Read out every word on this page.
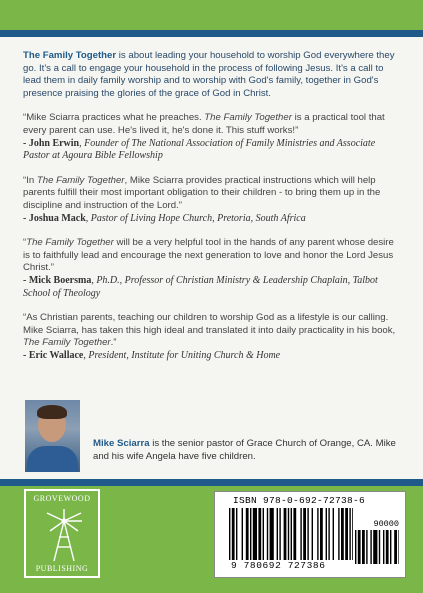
The Family Together is about leading your household to worship God everywhere they go. It's a call to engage your household in the process of following Jesus. It's a call to lead them in daily family worship and to worship with God's family, together in God's presence praising the glories of the grace of God in Christ.

“Mike Sciarra practices what he preaches. The Family Together is a practical tool that every parent can use. He's lived it, he's done it. This stuff works!”
- John Erwin, Founder of The National Association of Family Ministries and Associate Pastor at Agoura Bible Fellowship

“In The Family Together, Mike Sciarra provides practical instructions which will help parents fulfill their most important obligation to their children - to bring them up in the discipline and instruction of the Lord.”
- Joshua Mack, Pastor of Living Hope Church, Pretoria, South Africa

“The Family Together will be a very helpful tool in the hands of any parent whose desire is to faithfully lead and encourage the next generation to love and honor the Lord Jesus Christ.”
- Mick Boersma, Ph.D., Professor of Christian Ministry & Leadership Chaplain, Talbot School of Theology

“As Christian parents, teaching our children to worship God as a lifestyle is our calling. Mike Sciarra, has taken this high ideal and translated it into daily practicality in his book, The Family Together.”
- Eric Wallace, President, Institute for Uniting Church & Home

Mike Sciarra is the senior pastor of Grace Church of Orange, CA. Mike and his wife Angela have five children.
GROVEWOOD
PUBLISHING
ISBN 978-0-692-72738-6
90000
9 780692 727386
